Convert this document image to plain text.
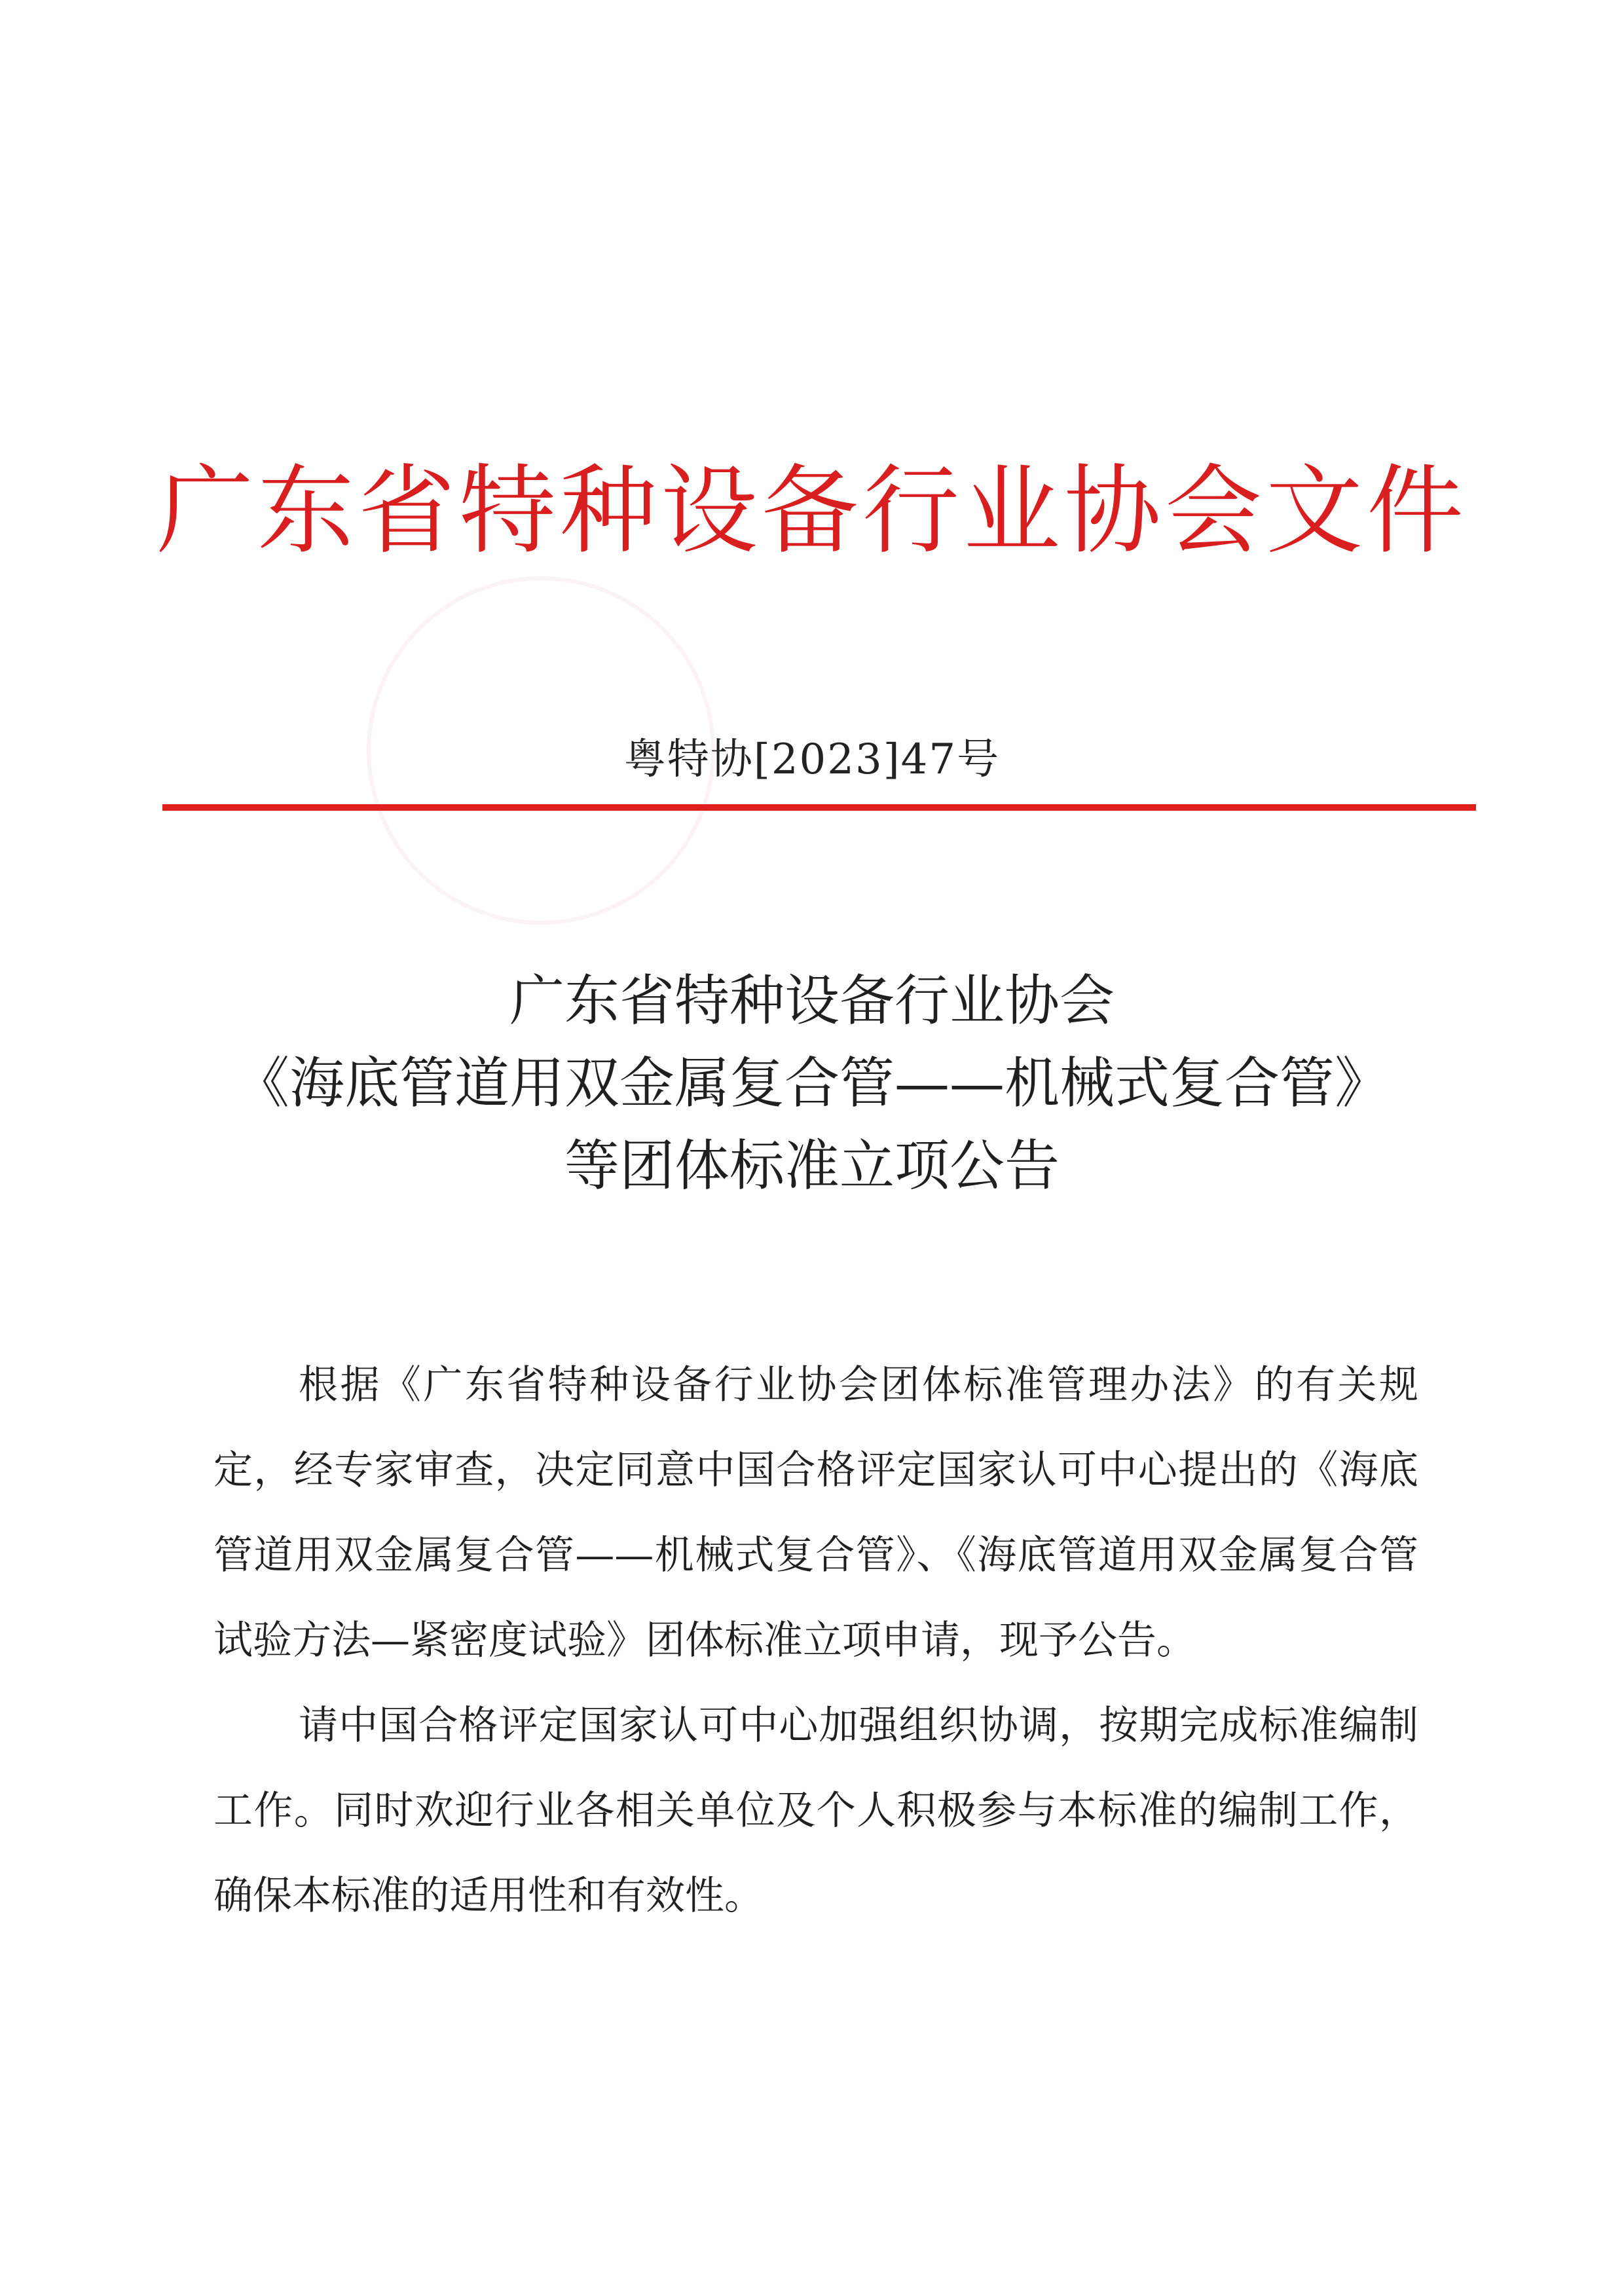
广东省特种设备行业协会文件
粤特协[2023]47号
广东省特种设备行业协会
《海底管道用双金属复合管——机械式复合管》
等团体标准立项公告

根据《广东省特种设备行业协会团体标准管理办法》的有关规定，经专家审查，决定同意中国合格评定国家认可中心提出的《海底管道用双金属复合管——机械式复合管》、《海底管道用双金属复合管试验方法—紧密度试验》团体标准立项申请，现予公告。

请中国合格评定国家认可中心加强组织协调，按期完成标准编制工作。同时欢迎行业各相关单位及个人积极参与本标准的编制工作，确保本标准的适用性和有效性。
